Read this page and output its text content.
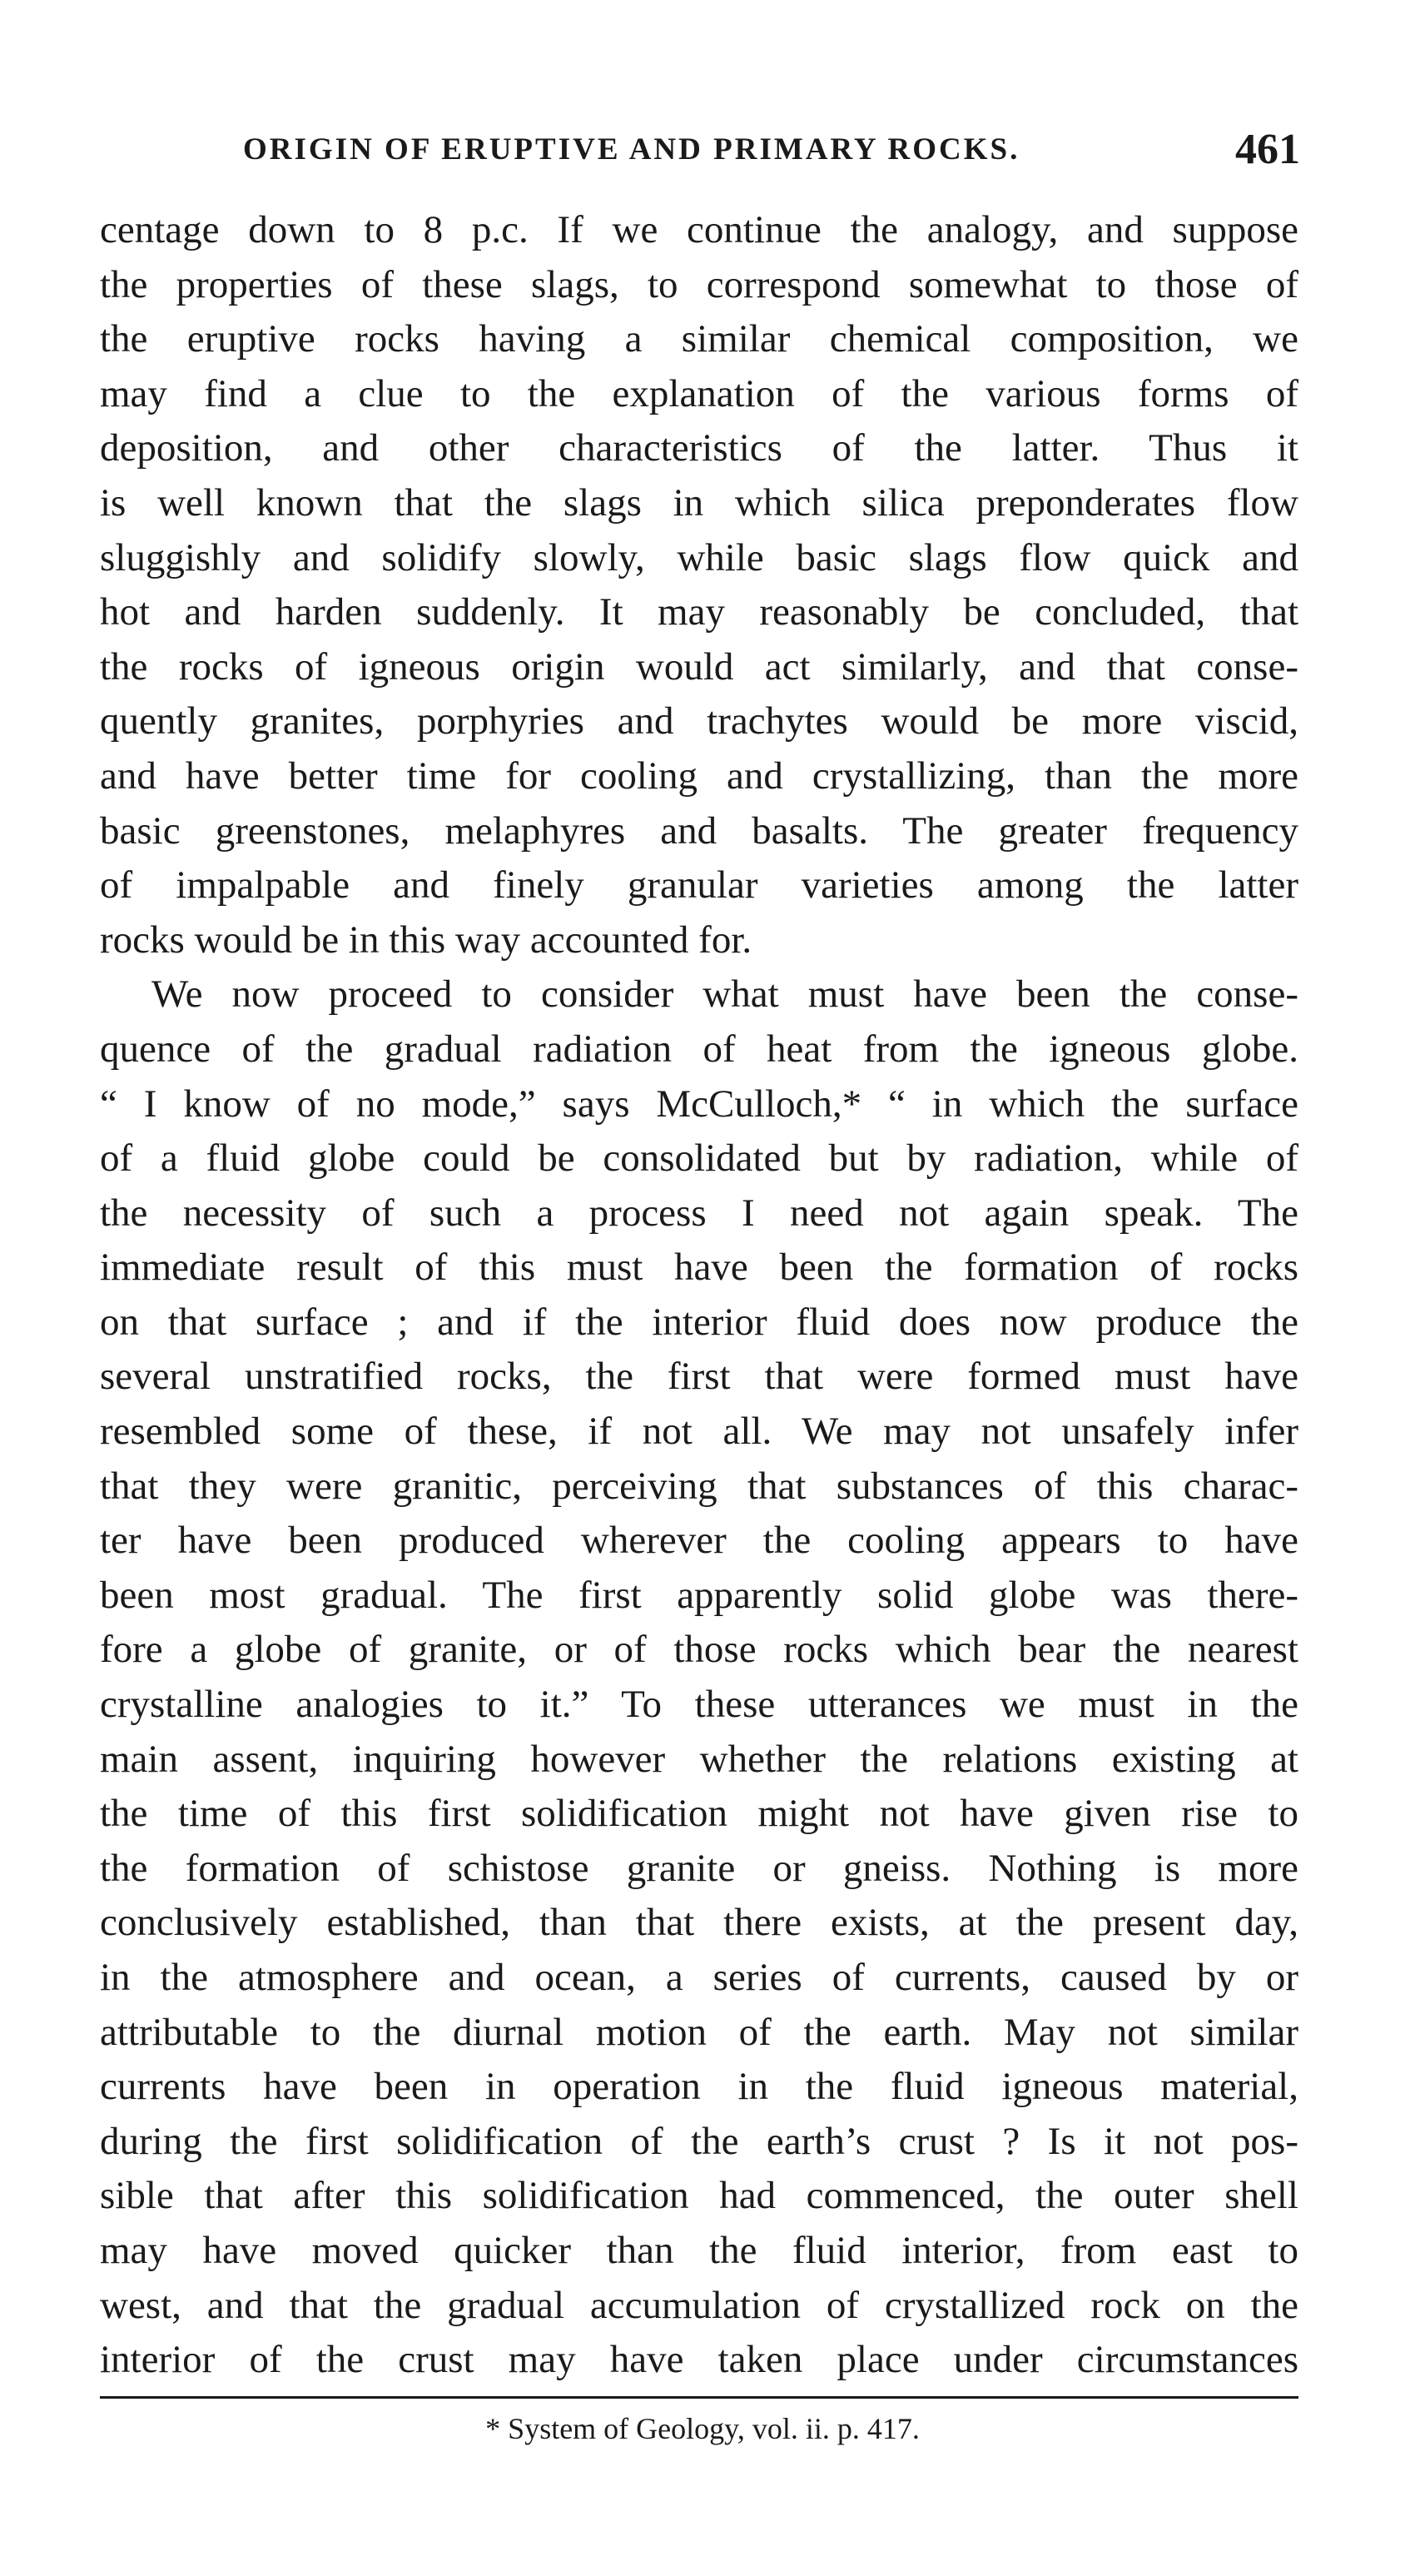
ORIGIN OF ERUPTIVE AND PRIMARY ROCKS.	461
centage down to 8 p.c. If we continue the analogy, and suppose
the properties of these slags, to correspond somewhat to those of
the eruptive rocks having a similar chemical composition, we
may find a clue to the explanation of the various forms of
deposition, and other characteristics of the latter. Thus it
is well known that the slags in which silica preponderates flow
sluggishly and solidify slowly, while basic slags flow quick and
hot and harden suddenly. It may reasonably be concluded, that
the rocks of igneous origin would act similarly, and that conse-
quently granites, porphyries and trachytes would be more viscid,
and have better time for cooling and crystallizing, than the more
basic greenstones, melaphyres and basalts. The greater frequency
of impalpable and finely granular varieties among the latter
rocks would be in this way accounted for.
We now proceed to consider what must have been the conse-
quence of the gradual radiation of heat from the igneous globe.
“ I know of no mode,” says McCulloch,* “ in which the surface
of a fluid globe could be consolidated but by radiation, while of
the necessity of such a process I need not again speak. The
immediate result of this must have been the formation of rocks
on that surface ; and if the interior fluid does now produce the
several unstratified rocks, the first that were formed must have
resembled some of these, if not all. We may not unsafely infer
that they were granitic, perceiving that substances of this charac-
ter have been produced wherever the cooling appears to have
been most gradual. The first apparently solid globe was there-
fore a globe of granite, or of those rocks which bear the nearest
crystalline analogies to it.” To these utterances we must in the
main assent, inquiring however whether the relations existing at
the time of this first solidification might not have given rise to
the formation of schistose granite or gneiss. Nothing is more
conclusively established, than that there exists, at the present day,
in the atmosphere and ocean, a series of currents, caused by or
attributable to the diurnal motion of the earth. May not similar
currents have been in operation in the fluid igneous material,
during the first solidification of the earth’s crust ? Is it not pos-
sible that after this solidification had commenced, the outer shell
may have moved quicker than the fluid interior, from east to
west, and that the gradual accumulation of crystallized rock on the
interior of the crust may have taken place under circumstances
* System of Geology, vol. ii. p. 417.
